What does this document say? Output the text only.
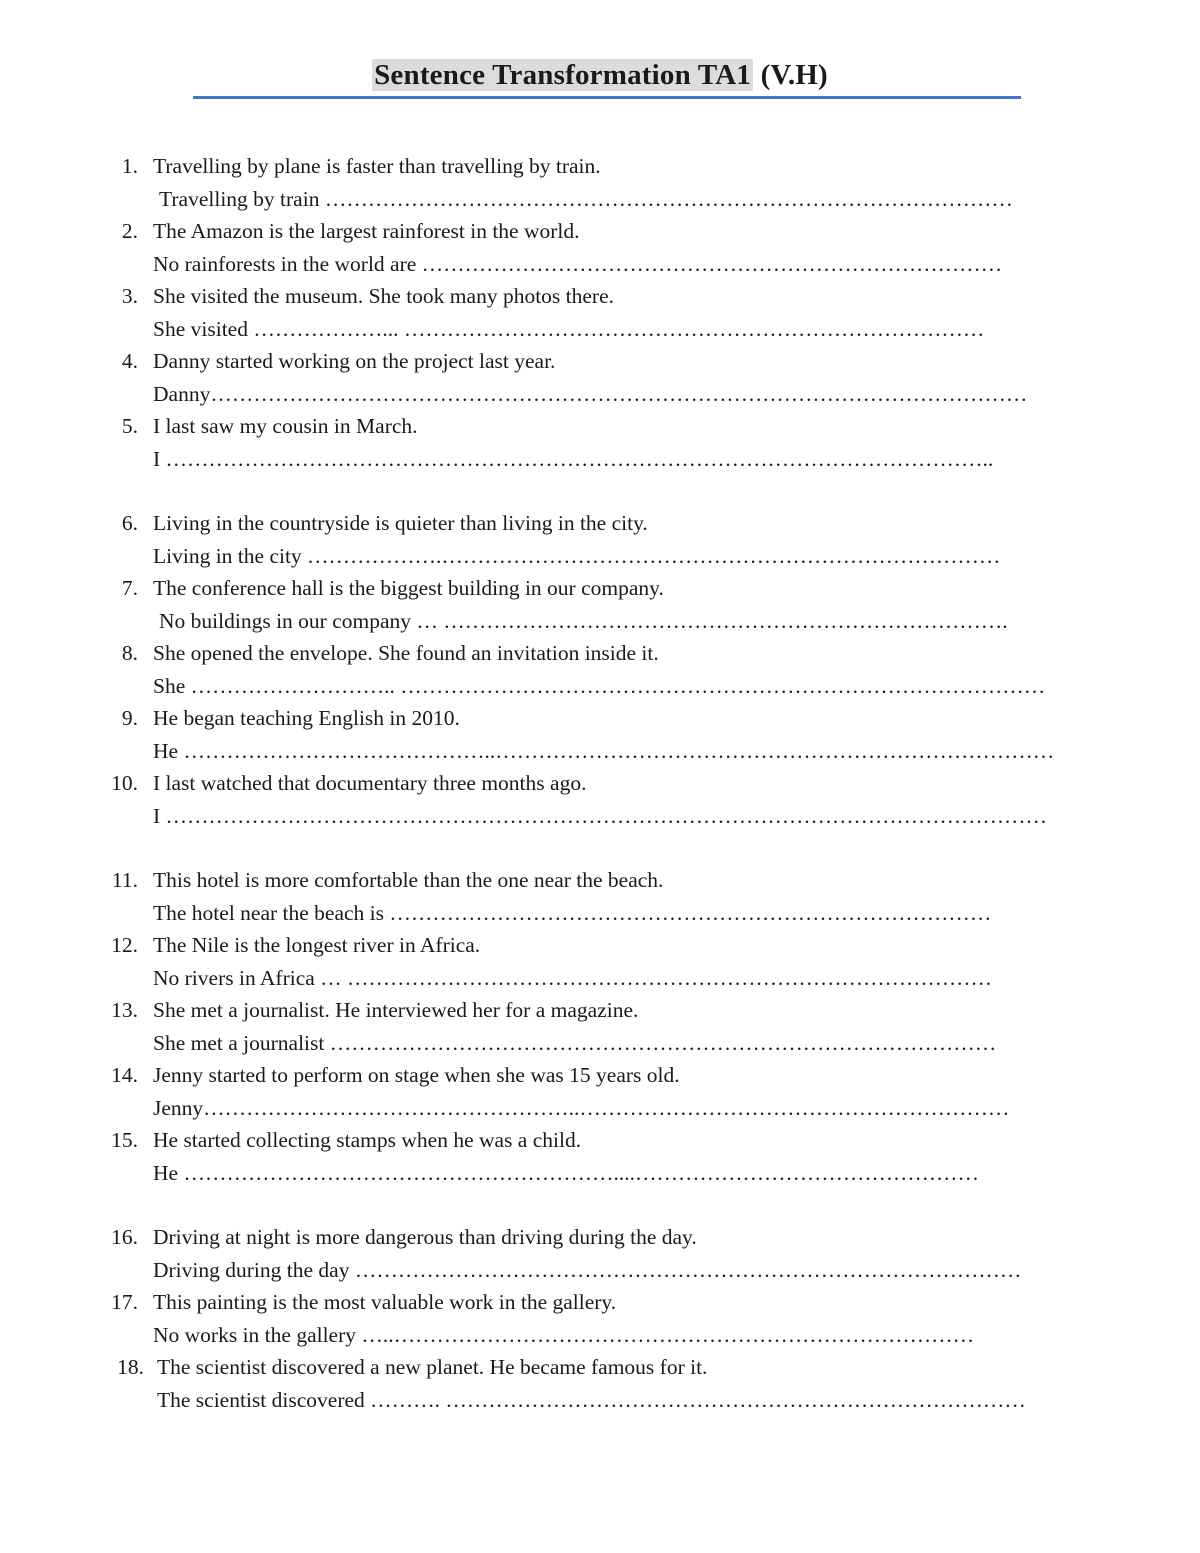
Sentence Transformation TA1 (V.H)
1. Travelling by plane is faster than travelling by train.
Travelling by train ……………………………………………………………………………………
2. The Amazon is the largest rainforest in the world.
No rainforests in the world are ………………………………………………………………………
3. She visited the museum. She took many photos there.
She visited ………………... ………………………………………………………………………
4. Danny started working on the project last year.
Danny……………………………………………………………………………………………………
5. I last saw my cousin in March.
I ……………………………………………………………………………………………………..
6. Living in the countryside is quieter than living in the city.
Living in the city ……………….……………………………………………………………………
7. The conference hall is the biggest building in our company.
No buildings in our company … …………………………………………………………………….
8. She opened the envelope. She found an invitation inside it.
She ……………………….. ………………………………………………………………………………
9. He began teaching English in 2010.
He ……………………………………..……………………………………………………………………
10. I last watched that documentary three months ago.
I ……………………………………………………………………………………………………………
11. This hotel is more comfortable than the one near the beach.
The hotel near the beach is …………………………………………………………………………
12. The Nile is the longest river in Africa.
No rivers in Africa … ………………………………………………………………………………
13. She met a journalist. He interviewed her for a magazine.
She met a journalist …………………………………………………………………………………
14. Jenny started to perform on stage when she was 15 years old.
Jenny……………………………………………..……………………………………………………
15. He started collecting stamps when he was a child.
He ……………………………………………………....…………………………………………
16. Driving at night is more dangerous than driving during the day.
Driving during the day …………………………………………………………………………………
17. This painting is the most valuable work in the gallery.
No works in the gallery …..………………………………………………………………………
18. The scientist discovered a new planet. He became famous for it.
The scientist discovered ………. ………………………………………………………………………
